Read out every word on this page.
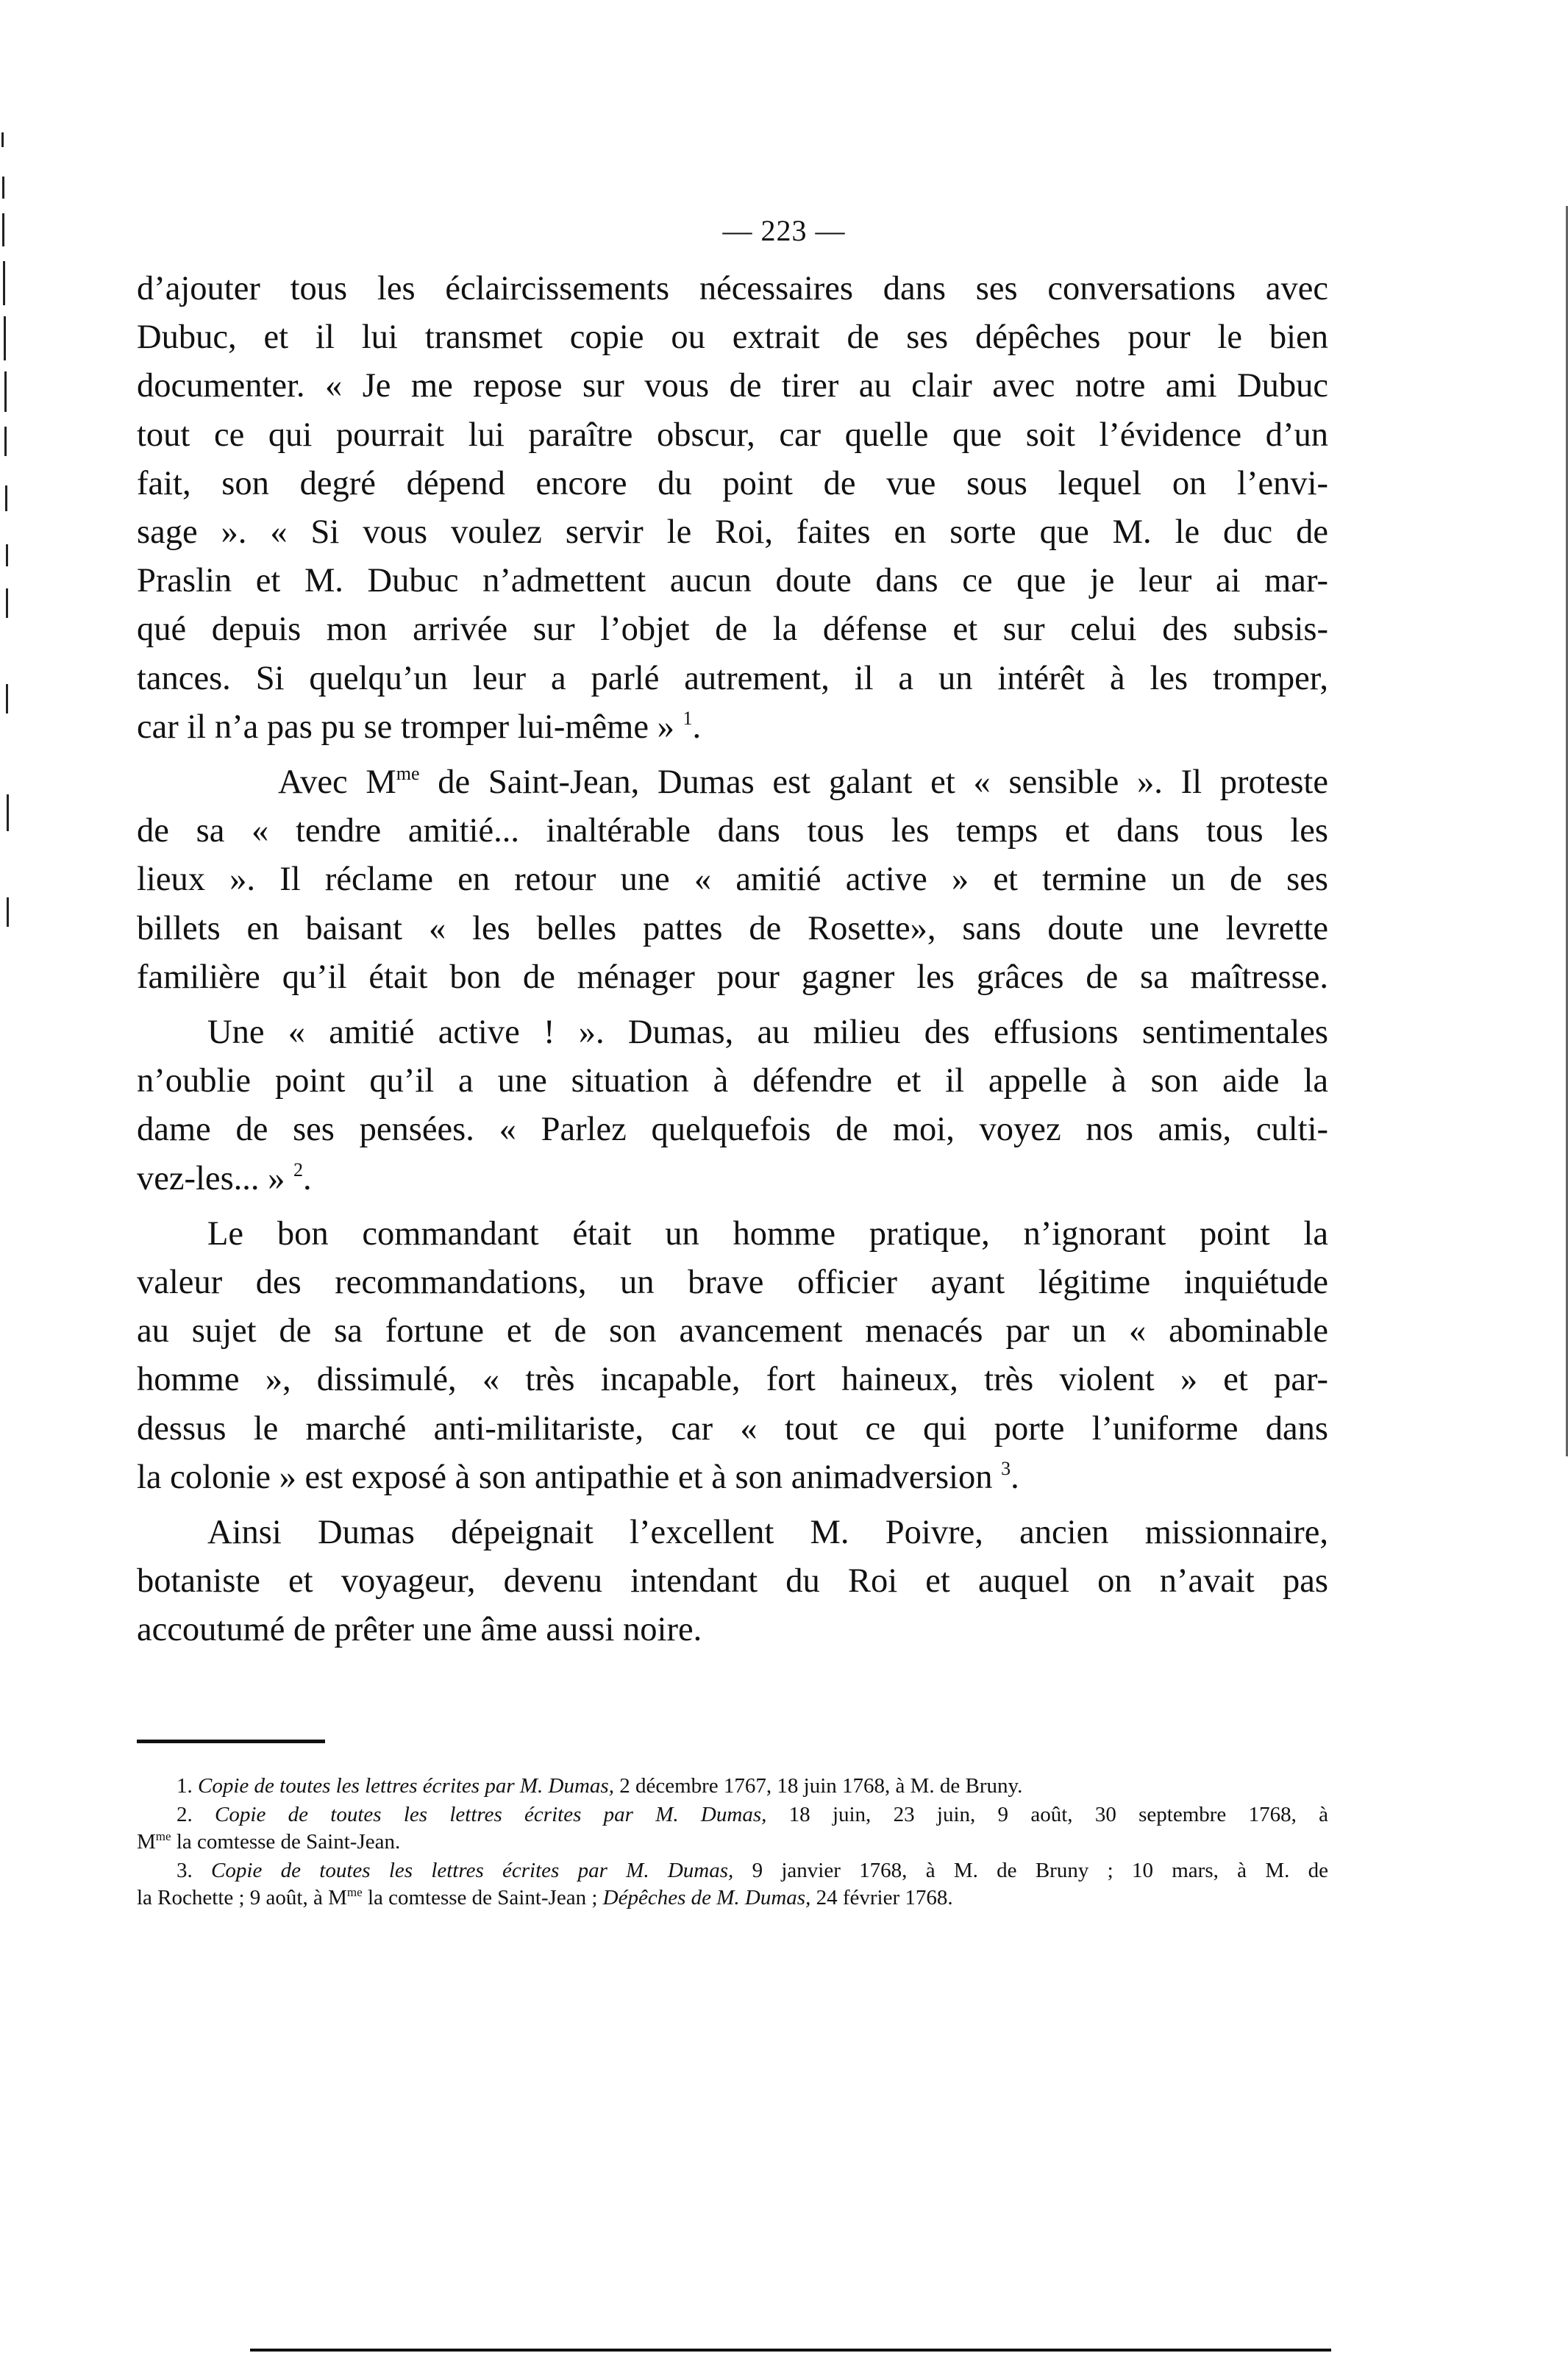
— 223 —

d’ajouter tous les éclaircissements nécessaires dans ses conversations avec
Dubuc, et il lui transmet copie ou extrait de ses dépêches pour le bien
documenter. « Je me repose sur vous de tirer au clair avec notre ami Dubuc
tout ce qui pourrait lui paraître obscur, car quelle que soit l’évidence d’un
fait, son degré dépend encore du point de vue sous lequel on l’envi-
sage ». « Si vous voulez servir le Roi, faites en sorte que M. le duc de
Praslin et M. Dubuc n’admettent aucun doute dans ce que je leur ai mar-
qué depuis mon arrivée sur l’objet de la défense et sur celui des subsis-
tances. Si quelqu’un leur a parlé autrement, il a un intérêt à les tromper,
car il n’a pas pu se tromper lui-même » $^1$.

Avec $M^{me}$ de Saint-Jean, Dumas est galant et « sensible ». Il proteste
de sa « tendre amitié... inaltérable dans tous les temps et dans tous les
lieux ». Il réclame en retour une « amitié active » et termine un de ses
billets en baisant « les belles pattes de Rosette», sans doute une levrette
familière qu’il était bon de ménager pour gagner les grâces de sa maîtresse.

Une « amitié active ! ». Dumas, au milieu des effusions sentimentales
n’oublie point qu’il a une situation à défendre et il appelle à son aide la
dame de ses pensées. « Parlez quelquefois de moi, voyez nos amis, culti-
vez-les... » $^2$.

Le bon commandant était un homme pratique, n’ignorant point la
valeur des recommandations, un brave officier ayant légitime inquiétude
au sujet de sa fortune et de son avancement menacés par un « abominable
homme », dissimulé, « très incapable, fort haineux, très violent » et par-
dessus le marché anti-militariste, car « tout ce qui porte l’uniforme dans
la colonie » est exposé à son antipathie et à son animadversion $^3$.

Ainsi Dumas dépeignait l’excellent M. Poivre, ancien missionnaire,
botaniste et voyageur, devenu intendant du Roi et auquel on n’avait pas
accoutumé de prêter une âme aussi noire.

1. Copie de toutes les lettres écrites par M. Dumas, 2 décembre 1767, 18 juin 1768, à M. de Bruny.
2. Copie de toutes les lettres écrites par M. Dumas, 18 juin, 23 juin, 9 août, 30 septembre 1768, à
M$^{me}$ la comtesse de Saint-Jean.
3. Copie de toutes les lettres écrites par M. Dumas, 9 janvier 1768, à M. de Bruny ; 10 mars, à M. de
la Rochette ; 9 août, à M$^{me}$ la comtesse de Saint-Jean ; Dépêches de M. Dumas, 24 février 1768.
